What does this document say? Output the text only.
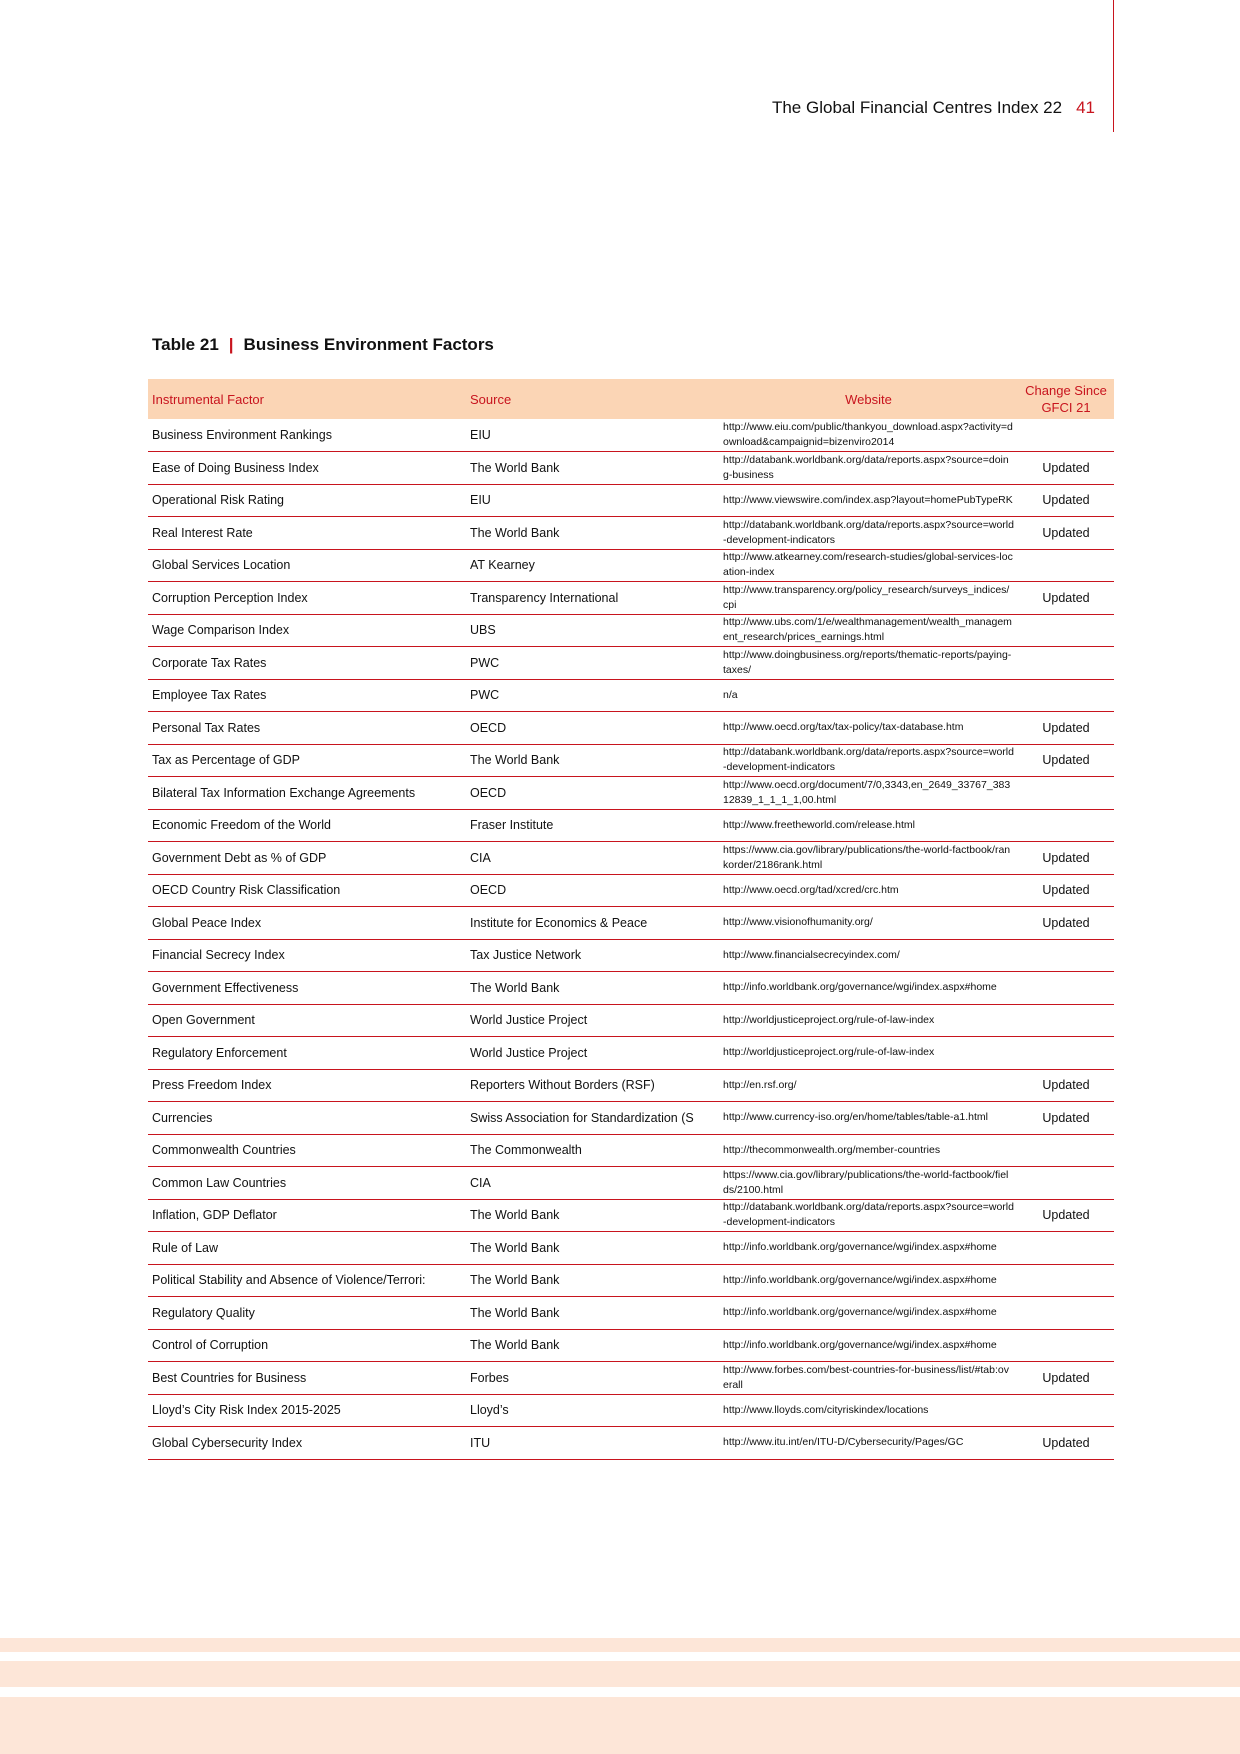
The Global Financial Centres Index 22 41
Table 21 | Business Environment Factors
Instrumental Factor	Source	Website	Change Since GFCI 21
Business Environment Rankings	EIU	http://www.eiu.com/public/thankyou_download.aspx?activity=download&campaignid=bizenviro2014	
Ease of Doing Business Index	The World Bank	http://databank.worldbank.org/data/reports.aspx?source=doing-business	Updated
Operational Risk Rating	EIU	http://www.viewswire.com/index.asp?layout=homePubTypeRK	Updated
Real Interest Rate	The World Bank	http://databank.worldbank.org/data/reports.aspx?source=world-development-indicators	Updated
Global Services Location	AT Kearney	http://www.atkearney.com/research-studies/global-services-location-index	
Corruption Perception Index	Transparency International	http://www.transparency.org/policy_research/surveys_indices/cpi	Updated
Wage Comparison Index	UBS	http://www.ubs.com/1/e/wealthmanagement/wealth_management_research/prices_earnings.html	
Corporate Tax Rates	PWC	http://www.doingbusiness.org/reports/thematic-reports/paying-taxes/	
Employee Tax Rates	PWC	n/a	
Personal Tax Rates	OECD	http://www.oecd.org/tax/tax-policy/tax-database.htm	Updated
Tax as Percentage of GDP	The World Bank	http://databank.worldbank.org/data/reports.aspx?source=world-development-indicators	Updated
Bilateral Tax Information Exchange Agreements	OECD	http://www.oecd.org/document/7/0,3343,en_2649_33767_38312839_1_1_1_1,00.html	
Economic Freedom of the World	Fraser Institute	http://www.freetheworld.com/release.html	
Government Debt as % of GDP	CIA	https://www.cia.gov/library/publications/the-world-factbook/rankorder/2186rank.html	Updated
OECD Country Risk Classification	OECD	http://www.oecd.org/tad/xcred/crc.htm	Updated
Global Peace Index	Institute for Economics & Peace	http://www.visionofhumanity.org/	Updated
Financial Secrecy Index	Tax Justice Network	http://www.financialsecrecyindex.com/	
Government Effectiveness	The World Bank	http://info.worldbank.org/governance/wgi/index.aspx#home	
Open Government	World Justice Project	http://worldjusticeproject.org/rule-of-law-index	
Regulatory Enforcement	World Justice Project	http://worldjusticeproject.org/rule-of-law-index	
Press Freedom Index	Reporters Without Borders (RSF)	http://en.rsf.org/	Updated
Currencies	Swiss Association for Standardization (S	http://www.currency-iso.org/en/home/tables/table-a1.html	Updated
Commonwealth Countries	The Commonwealth	http://thecommonwealth.org/member-countries	
Common Law Countries	CIA	https://www.cia.gov/library/publications/the-world-factbook/fields/2100.html	
Inflation, GDP Deflator	The World Bank	http://databank.worldbank.org/data/reports.aspx?source=world-development-indicators	Updated
Rule of Law	The World Bank	http://info.worldbank.org/governance/wgi/index.aspx#home	
Political Stability and Absence of Violence/Terrori:	The World Bank	http://info.worldbank.org/governance/wgi/index.aspx#home	
Regulatory Quality	The World Bank	http://info.worldbank.org/governance/wgi/index.aspx#home	
Control of Corruption	The World Bank	http://info.worldbank.org/governance/wgi/index.aspx#home	
Best Countries for Business	Forbes	http://www.forbes.com/best-countries-for-business/list/#tab:overall	Updated
Lloyd’s City Risk Index 2015-2025	Lloyd’s	http://www.lloyds.com/cityriskindex/locations	
Global Cybersecurity Index	ITU	http://www.itu.int/en/ITU-D/Cybersecurity/Pages/GC	Updated
